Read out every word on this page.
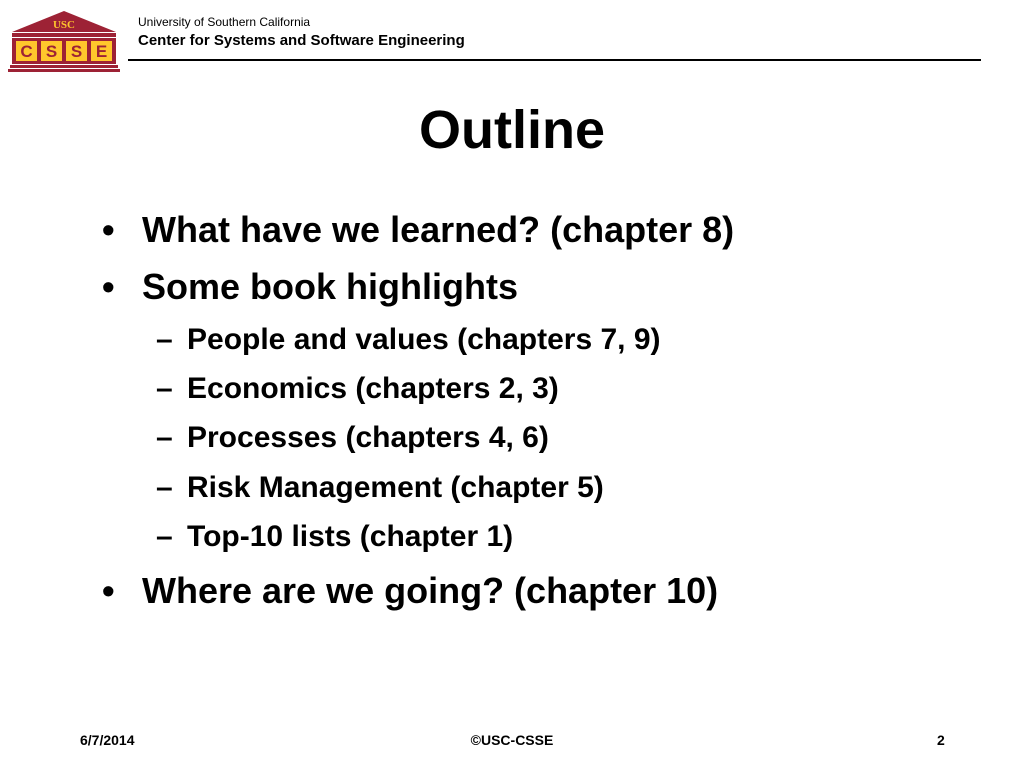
USC
C S S E
University of Southern California
Center for Systems and Software Engineering
Outline
• What have we learned? (chapter 8)
• Some book highlights
– People and values (chapters 7, 9)
– Economics (chapters 2, 3)
– Processes (chapters 4, 6)
– Risk Management (chapter 5)
– Top-10 lists (chapter 1)
• Where are we going? (chapter 10)
6/7/2014	©USC-CSSE	2
